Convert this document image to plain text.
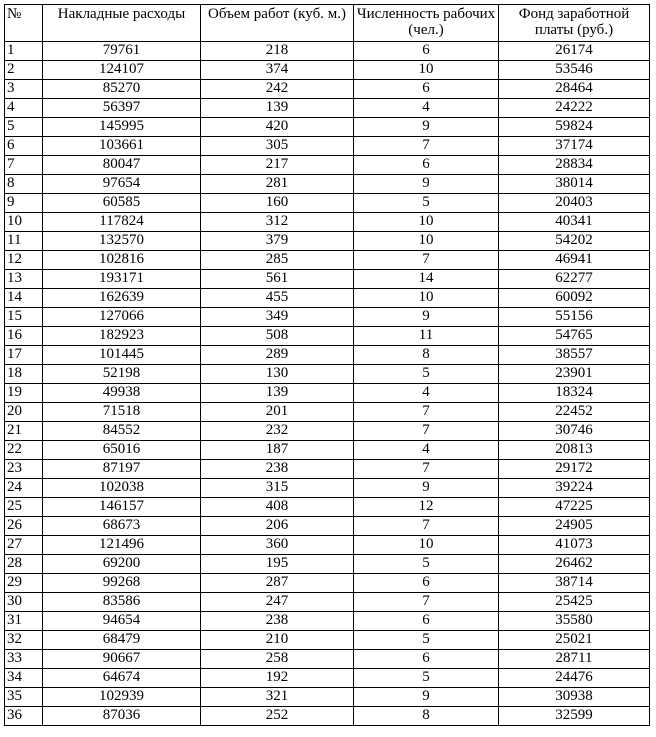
№	Накладные расходы	Объем работ (куб. м.)	Численность рабочих (чел.)	Фонд заработной платы (руб.)
1	79761	218	6	26174
2	124107	374	10	53546
3	85270	242	6	28464
4	56397	139	4	24222
5	145995	420	9	59824
6	103661	305	7	37174
7	80047	217	6	28834
8	97654	281	9	38014
9	60585	160	5	20403
10	117824	312	10	40341
11	132570	379	10	54202
12	102816	285	7	46941
13	193171	561	14	62277
14	162639	455	10	60092
15	127066	349	9	55156
16	182923	508	11	54765
17	101445	289	8	38557
18	52198	130	5	23901
19	49938	139	4	18324
20	71518	201	7	22452
21	84552	232	7	30746
22	65016	187	4	20813
23	87197	238	7	29172
24	102038	315	9	39224
25	146157	408	12	47225
26	68673	206	7	24905
27	121496	360	10	41073
28	69200	195	5	26462
29	99268	287	6	38714
30	83586	247	7	25425
31	94654	238	6	35580
32	68479	210	5	25021
33	90667	258	6	28711
34	64674	192	5	24476
35	102939	321	9	30938
36	87036	252	8	32599
